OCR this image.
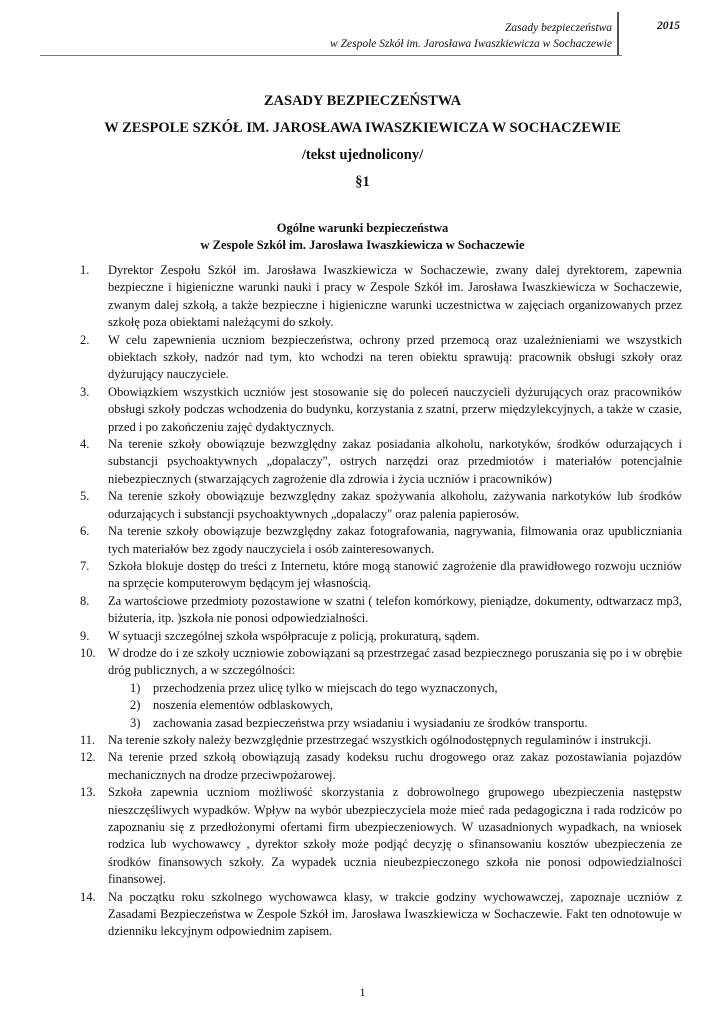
Zasady bezpieczeństwa
w Zespole Szkół im. Jarosława Iwaszkiewicza w Sochaczewie
2015
ZASADY BEZPIECZEŃSTWA
W ZESPOLE SZKÓŁ IM. JAROSŁAWA IWASZKIEWICZA W SOCHACZEWIE
/tekst ujednolicony/
§1
Ogólne warunki bezpieczeństwa
w Zespole Szkół im. Jarosława Iwaszkiewicza w Sochaczewie
1. Dyrektor Zespołu Szkół im. Jarosława Iwaszkiewicza w Sochaczewie, zwany dalej dyrektorem, zapewnia bezpieczne i higieniczne warunki nauki i pracy w Zespole Szkół im. Jarosława Iwaszkiewicza w Sochaczewie, zwanym dalej szkołą, a także bezpieczne i higieniczne warunki uczestnictwa w zajęciach organizowanych przez szkołę poza obiektami należącymi do szkoły.
2. W celu zapewnienia uczniom bezpieczeństwa, ochrony przed przemocą oraz uzależnieniami we wszystkich obiektach szkoły, nadzór nad tym, kto wchodzi na teren obiektu sprawują: pracownik obsługi szkoły oraz dyżurujący nauczyciele.
3. Obowiązkiem wszystkich uczniów jest stosowanie się do poleceń nauczycieli dyżurujących oraz pracowników obsługi szkoły podczas wchodzenia do budynku, korzystania z szatni, przerw międzylekcyjnych, a także w czasie, przed i po zakończeniu zajęć dydaktycznych.
4. Na terenie szkoły obowiązuje bezwzględny zakaz posiadania alkoholu, narkotyków, środków odurzających i substancji psychoaktywnych „dopalaczy", ostrych narzędzi oraz przedmiotów i materiałów potencjalnie niebezpiecznych (stwarzających zagrożenie dla zdrowia i życia uczniów i pracowników)
5. Na terenie szkoły obowiązuje bezwzględny zakaz spożywania alkoholu, zażywania narkotyków lub środków odurzających i substancji psychoaktywnych „dopalaczy" oraz palenia papierosów.
6. Na terenie szkoły obowiązuje bezwzględny zakaz fotografowania, nagrywania, filmowania oraz upubliczniania tych materiałów bez zgody nauczyciela i osób zainteresowanych.
7. Szkoła blokuje dostęp do treści z Internetu, które mogą stanowić zagrożenie dla prawidłowego rozwoju uczniów na sprzęcie komputerowym będącym jej własnością.
8. Za wartościowe przedmioty pozostawione w szatni ( telefon komórkowy, pieniądze, dokumenty, odtwarzacz mp3, biżuteria, itp. )szkoła nie ponosi odpowiedzialności.
9. W sytuacji szczególnej szkoła współpracuje z policją, prokuraturą, sądem.
10. W drodze do i ze szkoły uczniowie zobowiązani są przestrzegać zasad bezpiecznego poruszania się po i w obrębie dróg publicznych, a w szczególności:
1) przechodzenia przez ulicę tylko w miejscach do tego wyznaczonych,
2) noszenia elementów odblaskowych,
3) zachowania zasad bezpieczeństwa przy wsiadaniu i wysiadaniu ze środków transportu.
11. Na terenie szkoły należy bezwzględnie przestrzegać wszystkich ogólnodostępnych regulaminów i instrukcji.
12. Na terenie przed szkołą obowiązują zasady kodeksu ruchu drogowego oraz zakaz pozostawiania pojazdów mechanicznych na drodze przeciwpożarowej.
13. Szkoła zapewnia uczniom możliwość skorzystania z dobrowolnego grupowego ubezpieczenia następstw nieszczęśliwych wypadków. Wpływ na wybór ubezpieczyciela może mieć rada pedagogiczna i rada rodziców po zapoznaniu się z przedłożonymi ofertami firm ubezpieczeniowych. W uzasadnionych wypadkach, na wniosek rodzica lub wychowawcy , dyrektor szkoły może podjąć decyzję o sfinansowaniu kosztów ubezpieczenia ze środków finansowych szkoły. Za wypadek ucznia nieubezpieczonego szkoła nie ponosi odpowiedzialności finansowej.
14. Na początku roku szkolnego wychowawca klasy, w trakcie godziny wychowawczej, zapoznaje uczniów z Zasadami Bezpieczeństwa w Zespole Szkół im. Jarosława Iwaszkiewicza w Sochaczewie. Fakt ten odnotowuje w dzienniku lekcyjnym odpowiednim zapisem.
1
